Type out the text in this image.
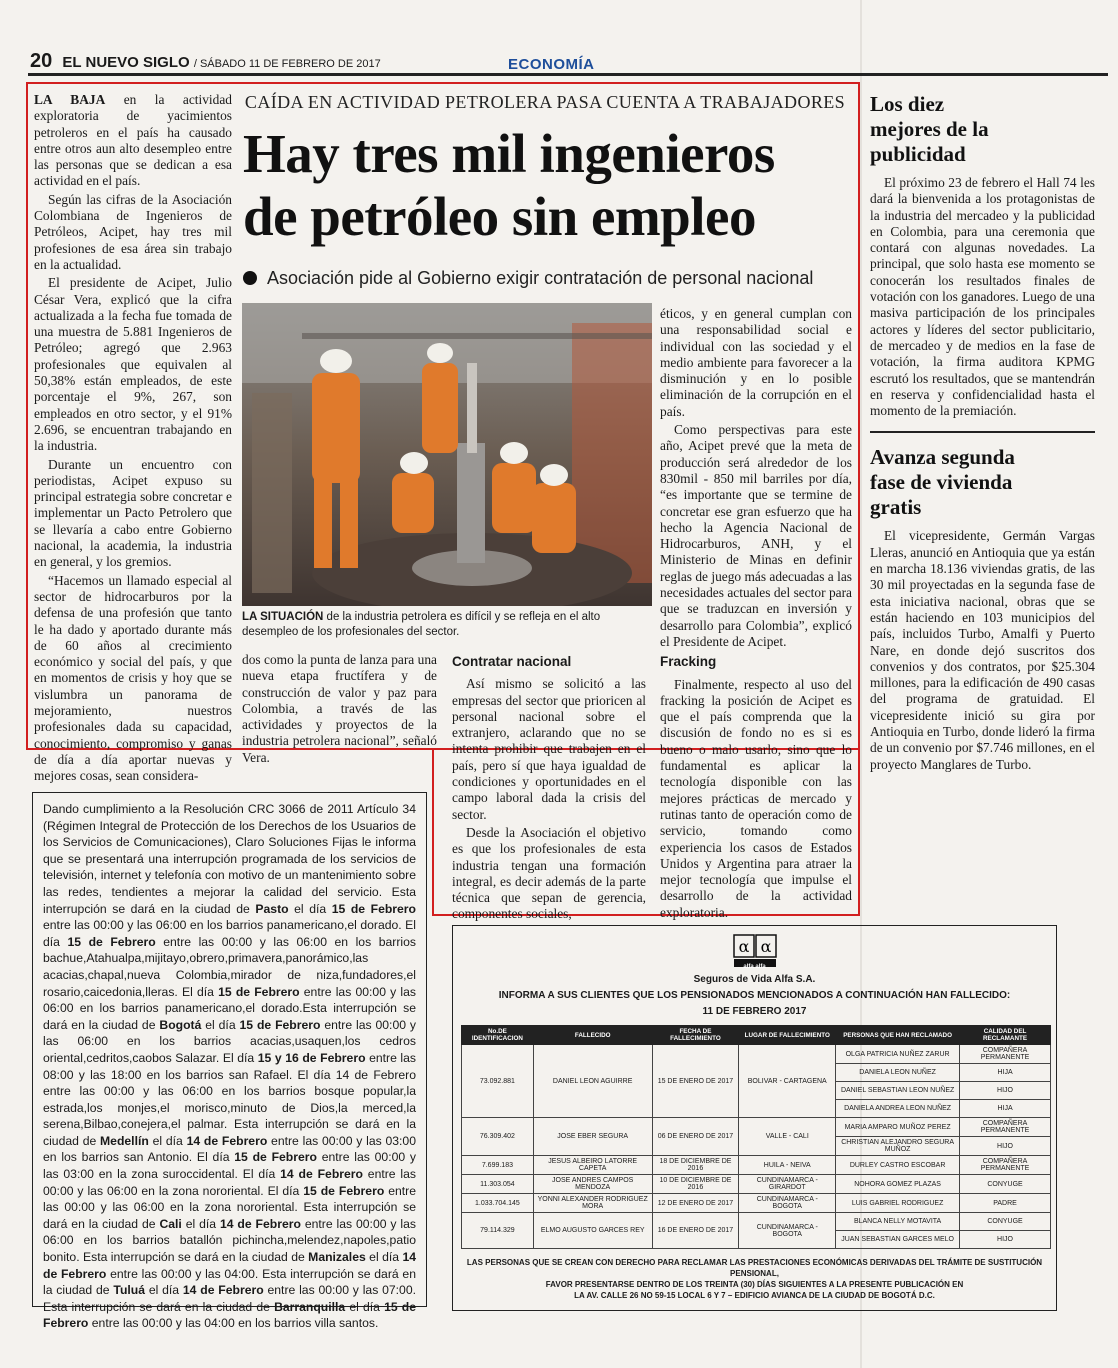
20 EL NUEVO SIGLO / SÁBADO 11 DE FEBRERO DE 2017	ECONOMÍA

LA BAJA en la actividad exploratoria de yacimientos petroleros en el país ha causado entre otros aun alto desempleo entre las personas que se dedican a esa actividad en el país.

Según las cifras de la Asociación Colombiana de Ingenieros de Petróleos, Acipet, hay tres mil profesiones de esa área sin trabajo en la actualidad.

El presidente de Acipet, Julio César Vera, explicó que la cifra actualizada a la fecha fue tomada de una muestra de 5.881 Ingenieros de Petróleo; agregó que 2.963 profesionales que equivalen al 50,38% están empleados, de este porcentaje el 9%, 267, son empleados en otro sector, y el 91% 2.696, se encuentran trabajando en la industria.

Durante un encuentro con periodistas, Acipet expuso su principal estrategia sobre concretar e implementar un Pacto Petrolero que se llevaría a cabo entre Gobierno nacional, la academia, la industria en general, y los gremios.

“Hacemos un llamado especial al sector de hidrocarburos por la defensa de una profesión que tanto le ha dado y aportado durante más de 60 años al crecimiento económico y social del país, y que en momentos de crisis y hoy que se vislumbra un panorama de mejoramiento, nuestros profesionales dada su capacidad, conocimiento, compromiso y ganas de día a día aportar nuevas y mejores cosas, sean considera-

CAÍDA EN ACTIVIDAD PETROLERA PASA CUENTA A TRABAJADORES
Hay tres mil ingenieros
de petróleo sin empleo
Asociación pide al Gobierno exigir contratación de personal nacional
LA SITUACIÓN de la industria petrolera es difícil y se refleja en el alto desempleo de los profesionales del sector.

dos como la punta de lanza para una nueva etapa fructífera y de construcción de valor y paz para Colombia, a través de las actividades y proyectos de la industria petrolera nacional”, señaló Vera.

Contratar nacional

Así mismo se solicitó a las empresas del sector que prioricen al personal nacional sobre el extranjero, aclarando que no se intenta prohibir que trabajen en el país, pero sí que haya igualdad de condiciones y oportunidades en el campo laboral dada la crisis del sector.

Desde la Asociación el objetivo es que los profesionales de esta industria tengan una formación integral, es decir además de la parte técnica que sepan de gerencia, componentes sociales,

éticos, y en general cumplan con una responsabilidad social e individual con las sociedad y el medio ambiente para favorecer a la disminución y en lo posible eliminación de la corrupción en el país.

Como perspectivas para este año, Acipet prevé que la meta de producción será alrededor de los 830mil - 850 mil barriles por día, “es importante que se termine de concretar ese gran esfuerzo que ha hecho la Agencia Nacional de Hidrocarburos, ANH, y el Ministerio de Minas en definir reglas de juego más adecuadas a las necesidades actuales del sector para que se traduzcan en inversión y desarrollo para Colombia”, explicó el Presidente de Acipet.

Fracking

Finalmente, respecto al uso del fracking la posición de Acipet es que el país comprenda que la discusión de fondo no es si es bueno o malo usarlo, sino que lo fundamental es aplicar la tecnología disponible con las mejores prácticas de mercado y rutinas tanto de operación como de servicio, tomando como experiencia los casos de Estados Unidos y Argentina para atraer la mejor tecnología que impulse el desarrollo de la actividad exploratoria.

Los diez mejores de la publicidad

El próximo 23 de febrero el Hall 74 les dará la bienvenida a los protagonistas de la industria del mercadeo y la publicidad en Colombia, para una ceremonia que contará con algunas novedades. La principal, que solo hasta ese momento se conocerán los resultados finales de votación con los ganadores. Luego de una masiva participación de los principales actores y líderes del sector publicitario, de mercadeo y de medios en la fase de votación, la firma auditora KPMG escrutó los resultados, que se mantendrán en reserva y confidencialidad hasta el momento de la premiación.

Avanza segunda fase de vivienda gratis

El vicepresidente, Germán Vargas Lleras, anunció en Antioquia que ya están en marcha 18.136 viviendas gratis, de las 30 mil proyectadas en la segunda fase de esta iniciativa nacional, obras que se están haciendo en 103 municipios del país, incluidos Turbo, Amalfi y Puerto Nare, en donde dejó suscritos dos convenios y dos contratos, por $25.304 millones, para la edificación de 490 casas del programa de gratuidad. El vicepresidente inició su gira por Antioquia en Turbo, donde lideró la firma de un convenio por $7.746 millones, en el proyecto Manglares de Turbo.

Dando cumplimiento a la Resolución CRC 3066 de 2011 Artículo 34 (Régimen Integral de Protección de los Derechos de los Usuarios de los Servicios de Comunicaciones), Claro Soluciones Fijas le informa que se presentará una interrupción programada de los servicios de televisión, internet y telefonía con motivo de un mantenimiento sobre las redes, tendientes a mejorar la calidad del servicio. Esta interrupción se dará en la ciudad de Pasto el día 15 de Febrero entre las 00:00 y las 06:00 en los barrios panamericano,el dorado. El día 15 de Febrero entre las 00:00 y las 06:00 en los barrios bachue,Atahualpa,mijitayo,obrero,primavera,panorámico,las acacias,chapal,nueva Colombia,mirador de niza,fundadores,el rosario,caicedonia,lleras. El día 15 de Febrero entre las 00:00 y las 06:00 en los barrios panamericano,el dorado.Esta interrupción se dará en la ciudad de Bogotá el día 15 de Febrero entre las 00:00 y las 06:00 en los barrios acacias,usaquen,los cedros oriental,cedritos,caobos Salazar. El día 15 y 16 de Febrero entre las 08:00 y las 18:00 en los barrios san Rafael. El día 14 de Febrero entre las 00:00 y las 06:00 en los barrios bosque popular,la estrada,los monjes,el morisco,minuto de Dios,la merced,la serena,Bilbao,conejera,el palmar. Esta interrupción se dará en la ciudad de Medellín el día 14 de Febrero entre las 00:00 y las 03:00 en los barrios san Antonio. El día 15 de Febrero entre las 00:00 y las 03:00 en la zona suroccidental. El día 14 de Febrero entre las 00:00 y las 06:00 en la zona nororiental. El día 15 de Febrero entre las 00:00 y las 06:00 en la zona nororiental. Esta interrupción se dará en la ciudad de Cali el día 14 de Febrero entre las 00:00 y las 06:00 en los barrios batallón pichincha,melendez,napoles,patio bonito. Esta interrupción se dará en la ciudad de Manizales el día 14 de Febrero entre las 00:00 y las 04:00. Esta interrupción se dará en la ciudad de Tuluá el día 14 de Febrero entre las 00:00 y las 07:00. Esta interrupción se dará en la ciudad de Barranquilla el día 15 de Febrero entre las 00:00 y las 04:00 en los barrios villa santos.
α α
alfa alfa
Seguros de Vida Alfa S.A.
INFORMA A SUS CLIENTES QUE LOS PENSIONADOS MENCIONADOS A CONTINUACIÓN HAN FALLECIDO:
11 DE FEBRERO 2017
No.DE IDENTIFICACION	FALLECIDO	FECHA DE FALLECIMIENTO	LUGAR DE FALLECIMIENTO	PERSONAS QUE HAN RECLAMADO	CALIDAD DEL RECLAMANTE
73.092.881	DANIEL LEON AGUIRRE	15 DE ENERO DE 2017	BOLIVAR - CARTAGENA	OLGA PATRICIA NUÑEZ ZARUR	COMPAÑERA PERMANENTE
				DANIELA LEON NUÑEZ	HIJA
				DANIEL SEBASTIAN LEON NUÑEZ	HIJO
				DANIELA ANDREA LEON NUÑEZ	HIJA
76.309.402	JOSE EBER SEGURA	06 DE ENERO DE 2017	VALLE - CALI	MARIA AMPARO MUÑOZ PEREZ	COMPAÑERA PERMANENTE
				CHRISTIAN ALEJANDRO SEGURA MUÑOZ	HIJO
7.699.183	JESUS ALBEIRO LATORRE CAPETA	18 DE DICIEMBRE DE 2016	HUILA - NEIVA	DURLEY CASTRO ESCOBAR	COMPAÑERA PERMANENTE
11.303.054	JOSE ANDRES CAMPOS MENDOZA	10 DE DICIEMBRE DE 2016	CUNDINAMARCA - GIRARDOT	NOHORA GOMEZ PLAZAS	CONYUGE
1.033.704.145	YONNI ALEXANDER RODRIGUEZ MORA	12 DE ENERO DE 2017	CUNDINAMARCA - BOGOTA	LUIS GABRIEL RODRIGUEZ	PADRE
79.114.329	ELMO AUGUSTO GARCES REY	16 DE ENERO DE 2017	CUNDINAMARCA - BOGOTA	BLANCA NELLY MOTAVITA	CONYUGE
				JUAN SEBASTIAN GARCES MELO	HIJO
LAS PERSONAS QUE SE CREAN CON DERECHO PARA RECLAMAR LAS PRESTACIONES ECONÓMICAS DERIVADAS DEL TRÁMITE DE SUSTITUCIÓN PENSIONAL,
FAVOR PRESENTARSE DENTRO DE LOS TREINTA (30) DÍAS SIGUIENTES A LA PRESENTE PUBLICACIÓN EN
LA AV. CALLE 26 NO 59-15 LOCAL 6 Y 7 – EDIFICIO AVIANCA DE LA CIUDAD DE BOGOTÁ D.C.
